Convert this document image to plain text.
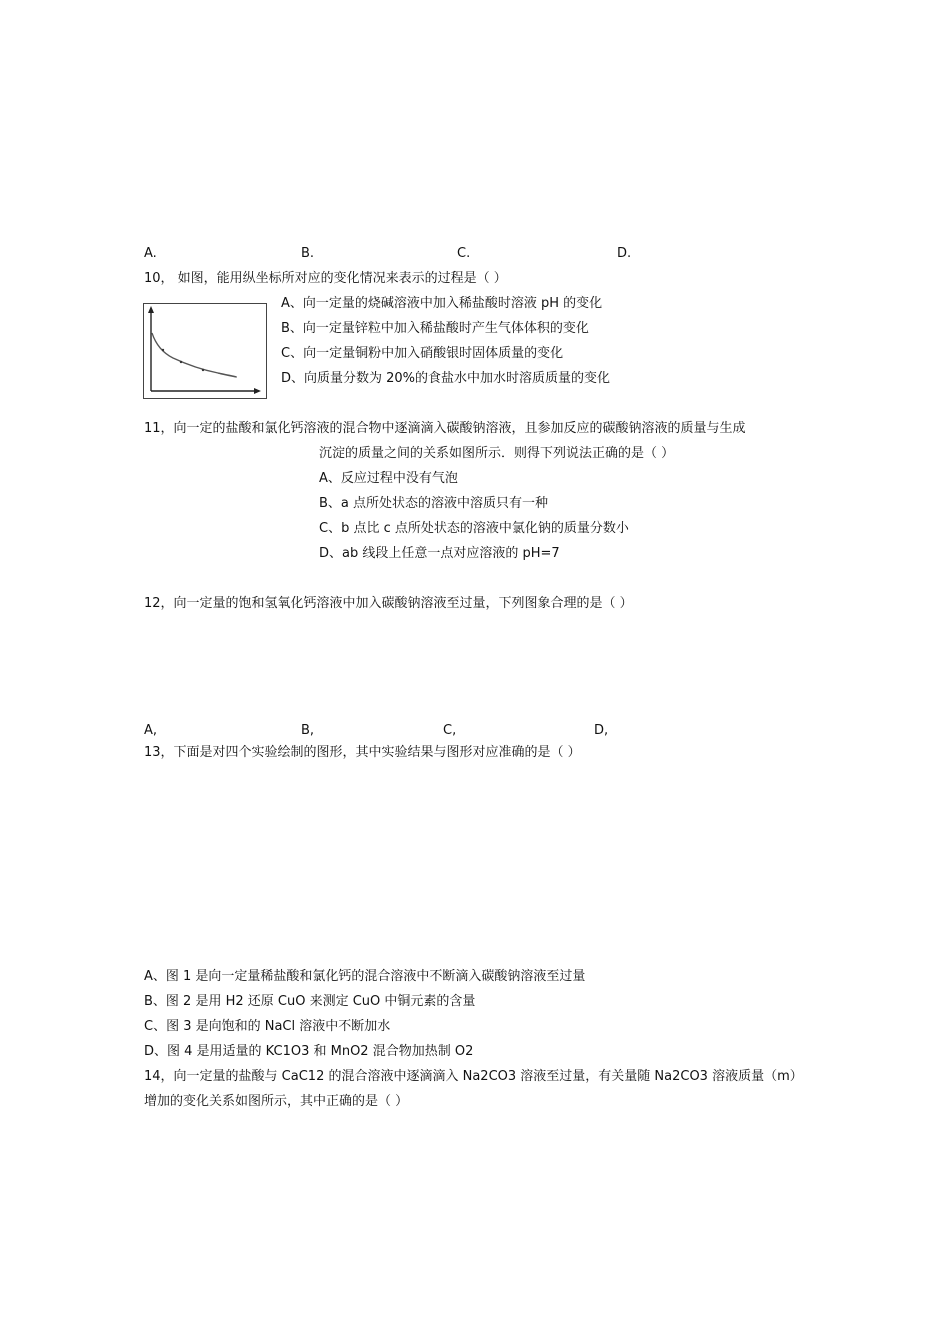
A.	B.	C.	D.
10， 如图，能用纵坐标所对应的变化情况来表示的过程是（ ）
A、向一定量的烧碱溶液中加入稀盐酸时溶液 pH 的变化
B、向一定量锌粒中加入稀盐酸时产生气体体积的变化
C、向一定量铜粉中加入硝酸银时固体质量的变化
D、向质量分数为 20%的食盐水中加水时溶质质量的变化
11，向一定的盐酸和氯化钙溶液的混合物中逐滴滴入碳酸钠溶液，且参加反应的碳酸钠溶液的质量与生成
沉淀的质量之间的关系如图所示．则得下列说法正确的是（ ）
A、反应过程中没有气泡
B、a 点所处状态的溶液中溶质只有一种
C、b 点比 c 点所处状态的溶液中氯化钠的质量分数小
D、ab 线段上任意一点对应溶液的 pH=7
12，向一定量的饱和氢氧化钙溶液中加入碳酸钠溶液至过量，下列图象合理的是（ ）
A,	B,	C,	D,
13，下面是对四个实验绘制的图形，其中实验结果与图形对应准确的是（ ）
A、图 1 是向一定量稀盐酸和氯化钙的混合溶液中不断滴入碳酸钠溶液至过量
B、图 2 是用 H2 还原 CuO 来测定 CuO 中铜元素的含量
C、图 3 是向饱和的 NaCl 溶液中不断加水
D、图 4 是用适量的 KC1O3 和 MnO2 混合物加热制 O2
14，向一定量的盐酸与 CaC12 的混合溶液中逐滴滴入 Na2CO3 溶液至过量，有关量随 Na2CO3 溶液质量（m）
增加的变化关系如图所示，其中正确的是（ ）
